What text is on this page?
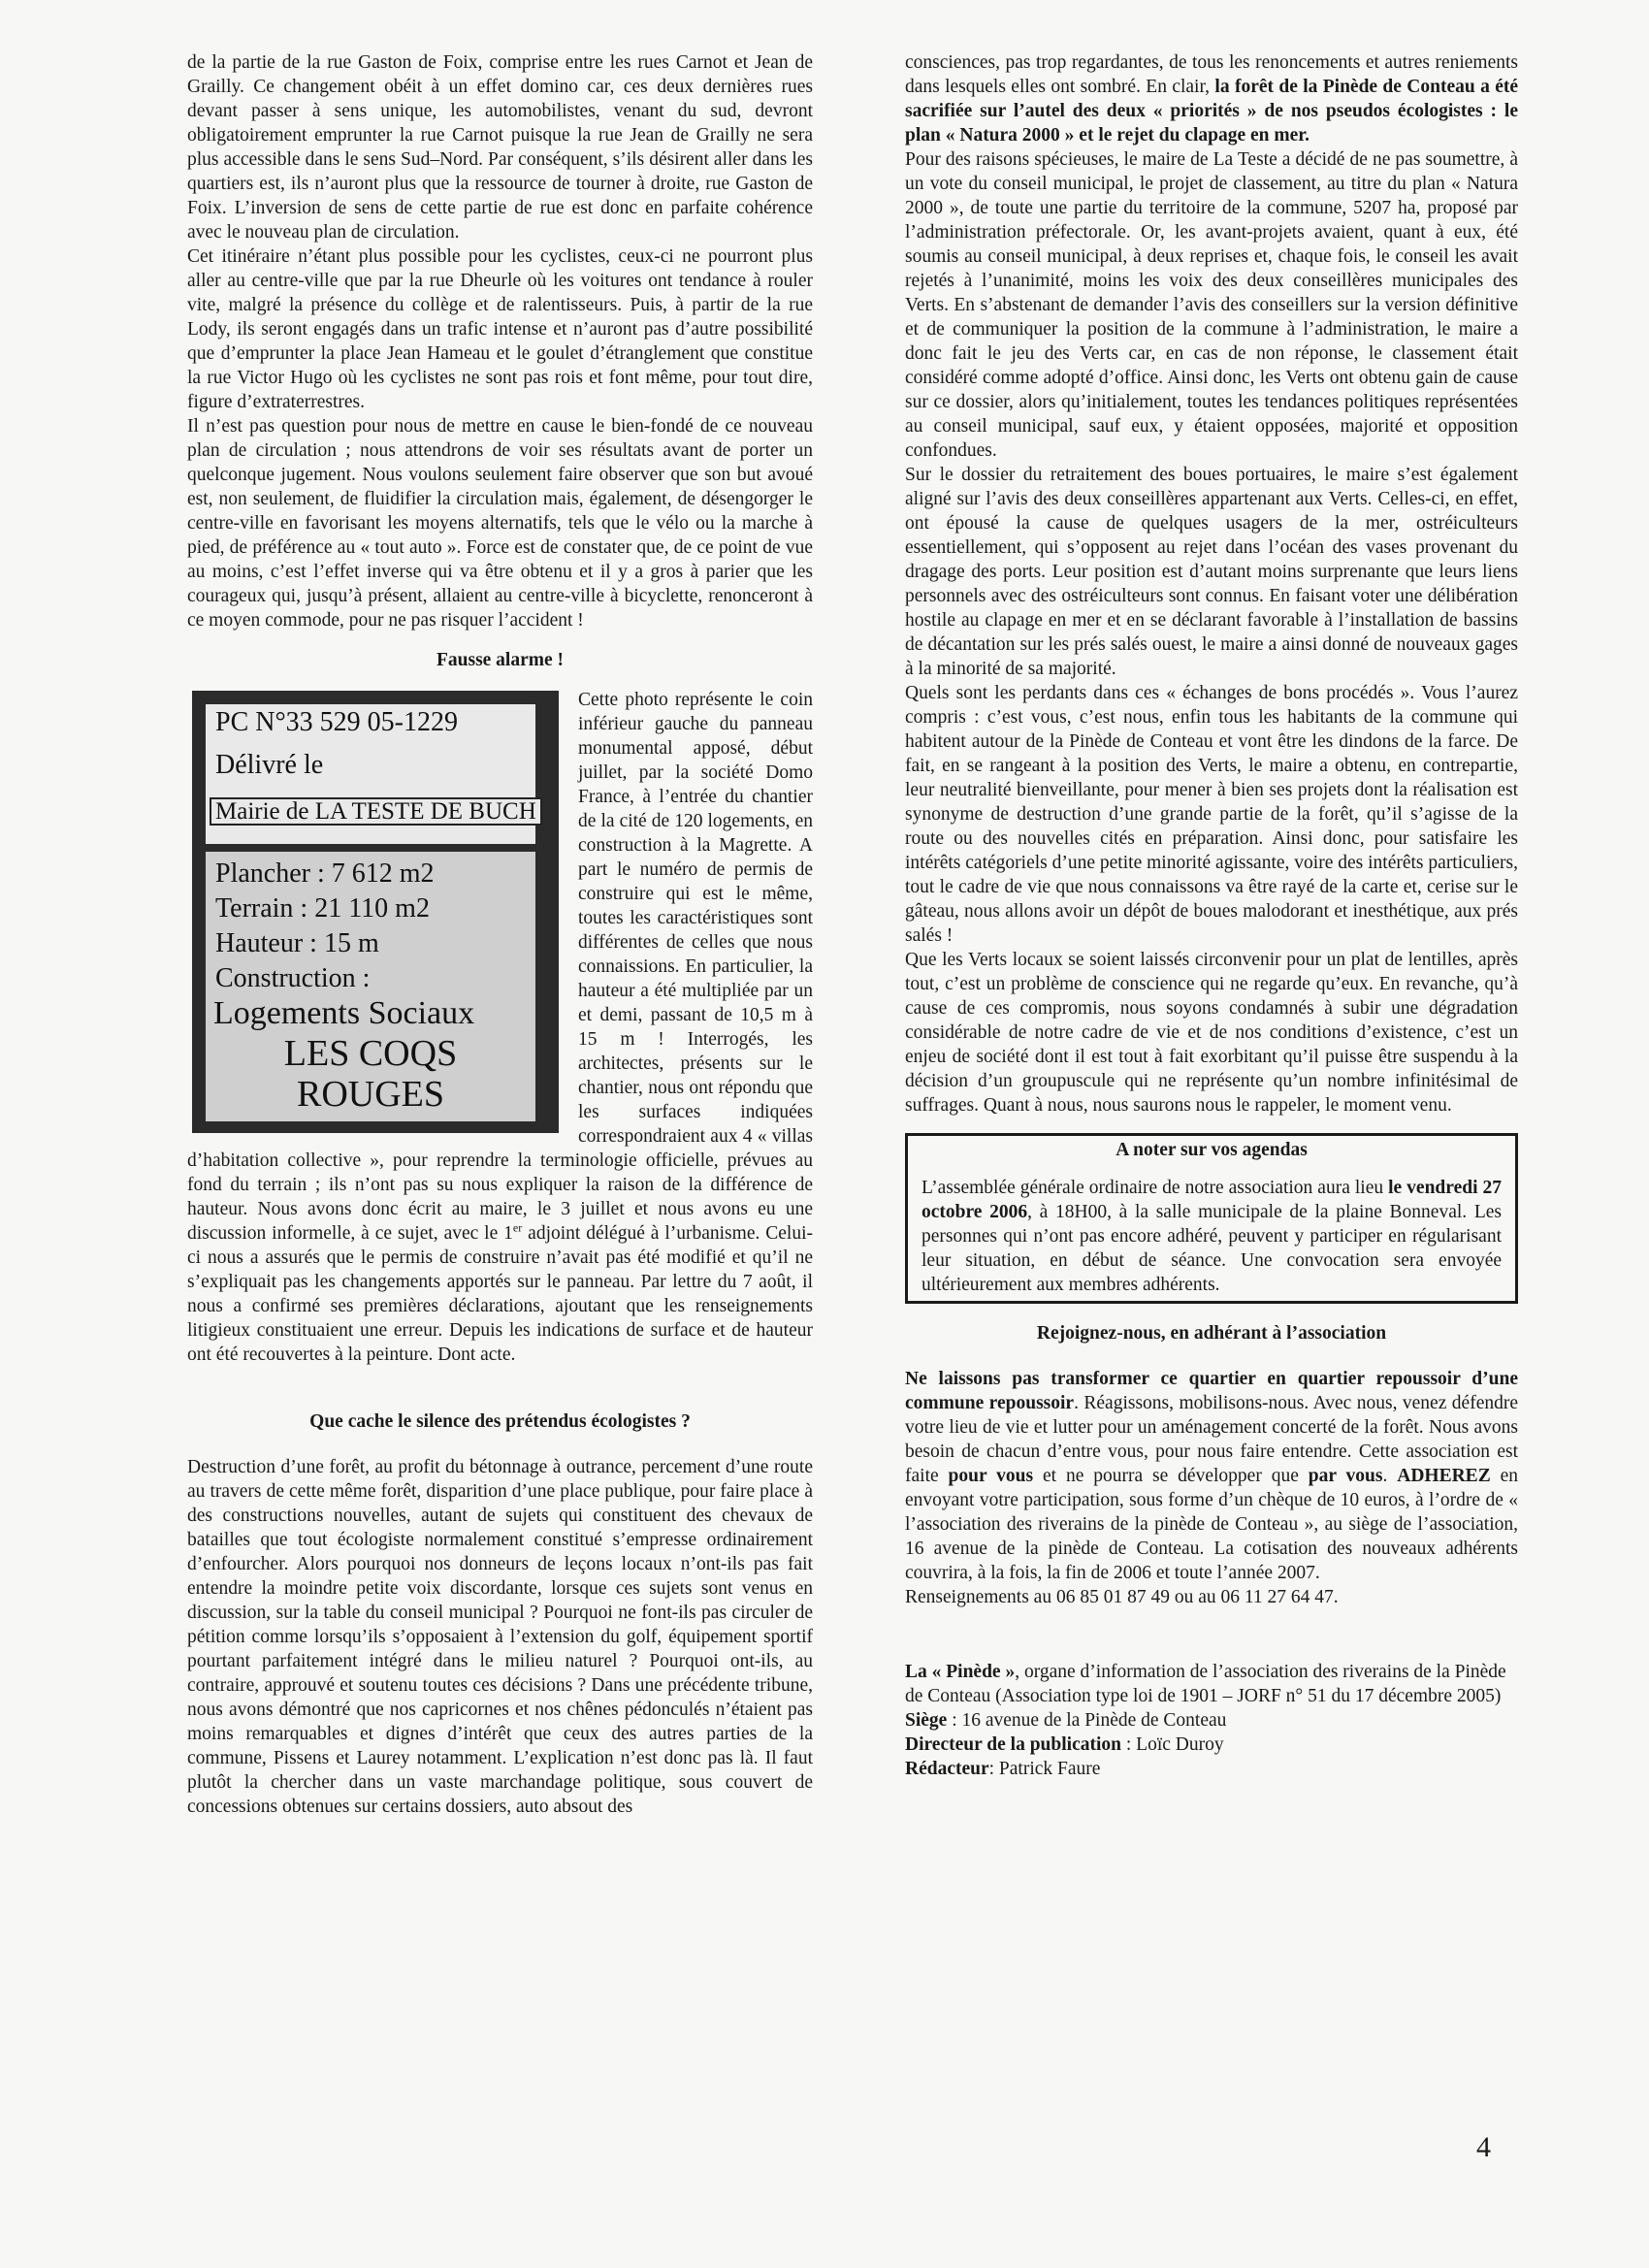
de la partie de la rue Gaston de Foix, comprise entre les rues Carnot et Jean de Grailly. Ce changement obéit à un effet domino car, ces deux dernières rues devant passer à sens unique, les automobilistes, venant du sud, devront obligatoirement emprunter la rue Carnot puisque la rue Jean de Grailly ne sera plus accessible dans le sens Sud–Nord. Par conséquent, s’ils désirent aller dans les quartiers est, ils n’auront plus que la ressource de tourner à droite, rue Gaston de Foix. L’inversion de sens de cette partie de rue est donc en parfaite cohérence avec le nouveau plan de circulation.

Cet itinéraire n’étant plus possible pour les cyclistes, ceux-ci ne pourront plus aller au centre-ville que par la rue Dheurle où les voitures ont tendance à rouler vite, malgré la présence du collège et de ralentisseurs. Puis, à partir de la rue Lody, ils seront engagés dans un trafic intense et n’auront pas d’autre possibilité que d’emprunter la place Jean Hameau et le goulet d’étranglement que constitue la rue Victor Hugo où les cyclistes ne sont pas rois et font même, pour tout dire, figure d’extraterrestres.

Il n’est pas question pour nous de mettre en cause le bien-fondé de ce nouveau plan de circulation ; nous attendrons de voir ses résultats avant de porter un quelconque jugement. Nous voulons seulement faire observer que son but avoué est, non seulement, de fluidifier la circulation mais, également, de désengorger le centre-ville en favorisant les moyens alternatifs, tels que le vélo ou la marche à pied, de préférence au « tout auto ». Force est de constater que, de ce point de vue au moins, c’est l’effet inverse qui va être obtenu et il y a gros à parier que les courageux qui, jusqu’à présent, allaient au centre-ville à bicyclette, renonceront à ce moyen commode, pour ne pas risquer l’accident !

Fausse alarme !

PC N°33 529 05-1229
Délivré le
Mairie de LA TESTE DE BUCH
Plancher : 7 612 m2
Terrain : 21 110 m2
Hauteur : 15 m
Construction :
Logements Sociaux
LES COQS
ROUGES

Cette photo représente le coin inférieur gauche du panneau monumental apposé, début juillet, par la société Domo France, à l’entrée du chantier de la cité de 120 logements, en construction à la Magrette. A part le numéro de permis de construire qui est le même, toutes les caractéristiques sont différentes de celles que nous connaissions. En particulier, la hauteur a été multipliée par un et demi, passant de 10,5 m à 15 m ! Interrogés, les architectes, présents sur le chantier, nous ont répondu que les surfaces indiquées correspondraient aux 4 « villas d’habitation collective », pour reprendre la terminologie officielle, prévues au fond du terrain ; ils n’ont pas su nous expliquer la raison de la différence de hauteur. Nous avons donc écrit au maire, le 3 juillet et nous avons eu une discussion informelle, à ce sujet, avec le 1er adjoint délégué à l’urbanisme. Celui-ci nous a assurés que le permis de construire n’avait pas été modifié et qu’il ne s’expliquait pas les changements apportés sur le panneau. Par lettre du 7 août, il nous a confirmé ses premières déclarations, ajoutant que les renseignements litigieux constituaient une erreur. Depuis les indications de surface et de hauteur ont été recouvertes à la peinture. Dont acte.

Que cache le silence des prétendus écologistes ?

Destruction d’une forêt, au profit du bétonnage à outrance, percement d’une route au travers de cette même forêt, disparition d’une place publique, pour faire place à des constructions nouvelles, autant de sujets qui constituent des chevaux de batailles que tout écologiste normalement constitué s’empresse ordinairement d’enfourcher. Alors pourquoi nos donneurs de leçons locaux n’ont-ils pas fait entendre la moindre petite voix discordante, lorsque ces sujets sont venus en discussion, sur la table du conseil municipal ? Pourquoi ne font-ils pas circuler de pétition comme lorsqu’ils s’opposaient à l’extension du golf, équipement sportif pourtant parfaitement intégré dans le milieu naturel ? Pourquoi ont-ils, au contraire, approuvé et soutenu toutes ces décisions ? Dans une précédente tribune, nous avons démontré que nos capricornes et nos chênes pédonculés n’étaient pas moins remarquables et dignes d’intérêt que ceux des autres parties de la commune, Pissens et Laurey notamment. L’explication n’est donc pas là. Il faut plutôt la chercher dans un vaste marchandage politique, sous couvert de concessions obtenues sur certains dossiers, auto absout des

consciences, pas trop regardantes, de tous les renoncements et autres reniements dans lesquels elles ont sombré. En clair, la forêt de la Pinède de Conteau a été sacrifiée sur l’autel des deux « priorités » de nos pseudos écologistes : le plan « Natura 2000 » et le rejet du clapage en mer.

Pour des raisons spécieuses, le maire de La Teste a décidé de ne pas soumettre, à un vote du conseil municipal, le projet de classement, au titre du plan « Natura 2000 », de toute une partie du territoire de la commune, 5207 ha, proposé par l’administration préfectorale. Or, les avant-projets avaient, quant à eux, été soumis au conseil municipal, à deux reprises et, chaque fois, le conseil les avait rejetés à l’unanimité, moins les voix des deux conseillères municipales des Verts. En s’abstenant de demander l’avis des conseillers sur la version définitive et de communiquer la position de la commune à l’administration, le maire a donc fait le jeu des Verts car, en cas de non réponse, le classement était considéré comme adopté d’office. Ainsi donc, les Verts ont obtenu gain de cause sur ce dossier, alors qu’initialement, toutes les tendances politiques représentées au conseil municipal, sauf eux, y étaient opposées, majorité et opposition confondues.

Sur le dossier du retraitement des boues portuaires, le maire s’est également aligné sur l’avis des deux conseillères appartenant aux Verts. Celles-ci, en effet, ont épousé la cause de quelques usagers de la mer, ostréiculteurs essentiellement, qui s’opposent au rejet dans l’océan des vases provenant du dragage des ports. Leur position est d’autant moins surprenante que leurs liens personnels avec des ostréiculteurs sont connus. En faisant voter une délibération hostile au clapage en mer et en se déclarant favorable à l’installation de bassins de décantation sur les prés salés ouest, le maire a ainsi donné de nouveaux gages à la minorité de sa majorité.

Quels sont les perdants dans ces « échanges de bons procédés ». Vous l’aurez compris : c’est vous, c’est nous, enfin tous les habitants de la commune qui habitent autour de la Pinède de Conteau et vont être les dindons de la farce. De fait, en se rangeant à la position des Verts, le maire a obtenu, en contrepartie, leur neutralité bienveillante, pour mener à bien ses projets dont la réalisation est synonyme de destruction d’une grande partie de la forêt, qu’il s’agisse de la route ou des nouvelles cités en préparation. Ainsi donc, pour satisfaire les intérêts catégoriels d’une petite minorité agissante, voire des intérêts particuliers, tout le cadre de vie que nous connaissons va être rayé de la carte et, cerise sur le gâteau, nous allons avoir un dépôt de boues malodorant et inesthétique, aux prés salés !

Que les Verts locaux se soient laissés circonvenir pour un plat de lentilles, après tout, c’est un problème de conscience qui ne regarde qu’eux. En revanche, qu’à cause de ces compromis, nous soyons condamnés à subir une dégradation considérable de notre cadre de vie et de nos conditions d’existence, c’est un enjeu de société dont il est tout à fait exorbitant qu’il puisse être suspendu à la décision d’un groupuscule qui ne représente qu’un nombre infinitésimal de suffrages. Quant à nous, nous saurons nous le rappeler, le moment venu.

A noter sur vos agendas

L’assemblée générale ordinaire de notre association aura lieu le vendredi 27 octobre 2006, à 18H00, à la salle municipale de la plaine Bonneval. Les personnes qui n’ont pas encore adhéré, peuvent y participer en régularisant leur situation, en début de séance. Une convocation sera envoyée ultérieurement aux membres adhérents.

Rejoignez-nous, en adhérant à l’association

Ne laissons pas transformer ce quartier en quartier repoussoir d’une commune repoussoir. Réagissons, mobilisons-nous. Avec nous, venez défendre votre lieu de vie et lutter pour un aménagement concerté de la forêt. Nous avons besoin de chacun d’entre vous, pour nous faire entendre. Cette association est faite pour vous et ne pourra se développer que par vous. ADHEREZ en envoyant votre participation, sous forme d’un chèque de 10 euros, à l’ordre de « l’association des riverains de la pinède de Conteau », au siège de l’association, 16 avenue de la pinède de Conteau. La cotisation des nouveaux adhérents couvrira, à la fois, la fin de 2006 et toute l’année 2007.

Renseignements au 06 85 01 87 49 ou au 06 11 27 64 47.

La « Pinède », organe d’information de l’association des riverains de la Pinède de Conteau (Association type loi de 1901 – JORF n° 51 du 17 décembre 2005)

Siège : 16 avenue de la Pinède de Conteau

Directeur de la publication : Loïc Duroy

Rédacteur: Patrick Faure

4
